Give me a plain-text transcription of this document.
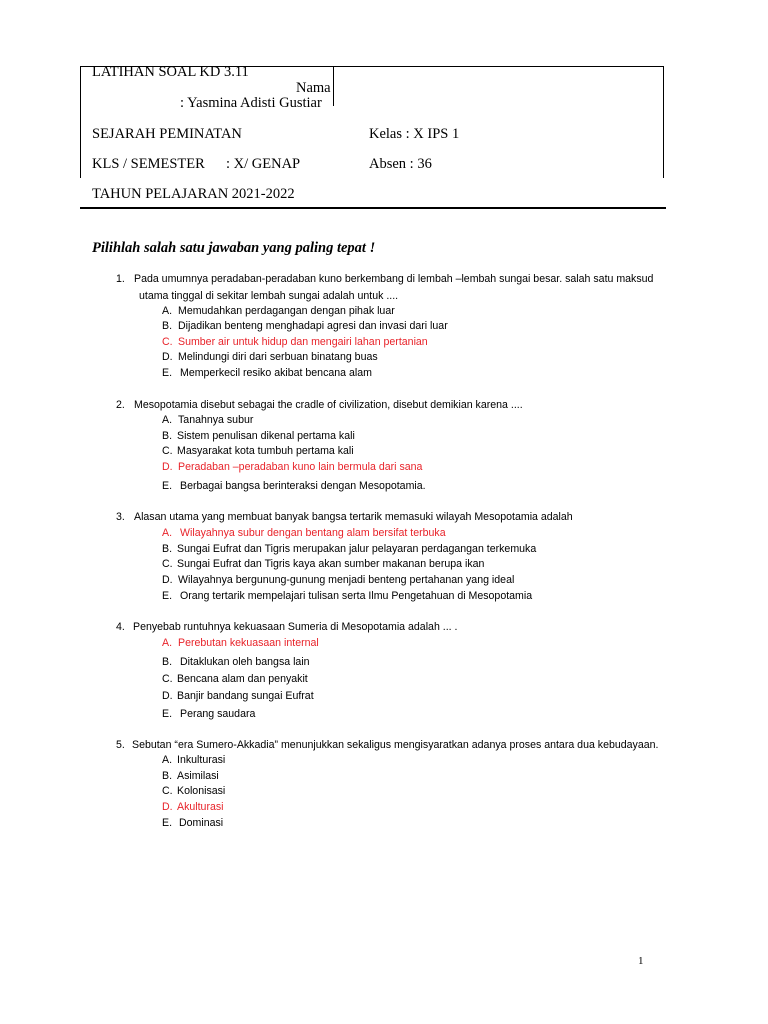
LATIHAN SOAL KD 3.11
Nama
: Yasmina Adisti Gustiar
SEJARAH PEMINATAN	Kelas : X IPS 1
KLS / SEMESTER : X/ GENAP	Absen : 36
TAHUN PELAJARAN 2021-2022
Pilihlah salah satu jawaban yang paling tepat !
1. Pada umumnya peradaban-peradaban kuno berkembang di lembah –lembah sungai besar. salah satu maksud
utama tinggal di sekitar lembah sungai adalah untuk ....
A. Memudahkan perdagangan dengan pihak luar
B. Dijadikan benteng menghadapi agresi dan invasi dari luar
C. Sumber air untuk hidup dan mengairi lahan pertanian
D. Melindungi diri dari serbuan binatang buas
E. Memperkecil resiko akibat bencana alam
2. Mesopotamia disebut sebagai the cradle of civilization, disebut demikian karena ....
A. Tanahnya subur
B. Sistem penulisan dikenal pertama kali
C. Masyarakat kota tumbuh pertama kali
D. Peradaban –peradaban kuno lain bermula dari sana
E. Berbagai bangsa berinteraksi dengan Mesopotamia.
3. Alasan utama yang membuat banyak bangsa tertarik memasuki wilayah Mesopotamia adalah
A. Wilayahnya subur dengan bentang alam bersifat terbuka
B. Sungai Eufrat dan Tigris merupakan jalur pelayaran perdagangan terkemuka
C. Sungai Eufrat dan Tigris kaya akan sumber makanan berupa ikan
D. Wilayahnya bergunung-gunung menjadi benteng pertahanan yang ideal
E. Orang tertarik mempelajari tulisan serta Ilmu Pengetahuan di Mesopotamia
4. Penyebab runtuhnya kekuasaan Sumeria di Mesopotamia adalah ... .
A. Perebutan kekuasaan internal
B. Ditaklukan oleh bangsa lain
C. Bencana alam dan penyakit
D. Banjir bandang sungai Eufrat
E. Perang saudara
5. Sebutan “era Sumero-Akkadia” menunjukkan sekaligus mengisyaratkan adanya proses antara dua kebudayaan.
A. Inkulturasi
B. Asimilasi
C. Kolonisasi
D. Akulturasi
E. Dominasi
1
